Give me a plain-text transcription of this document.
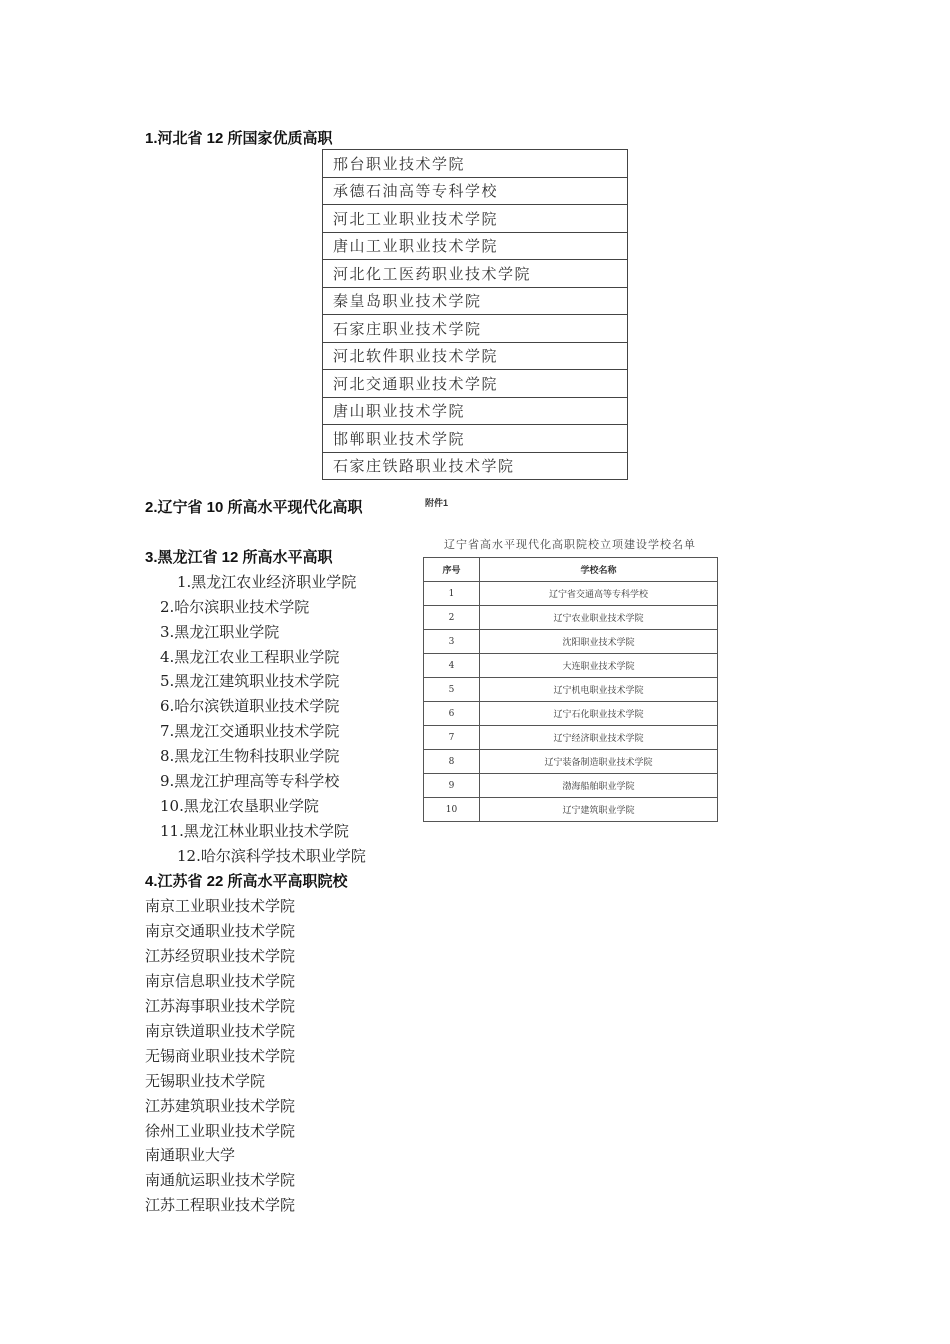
1.河北省 12 所国家优质高职
邢台职业技术学院
承德石油高等专科学校
河北工业职业技术学院
唐山工业职业技术学院
河北化工医药职业技术学院
秦皇岛职业技术学院
石家庄职业技术学院
河北软件职业技术学院
河北交通职业技术学院
唐山职业技术学院
邯郸职业技术学院
石家庄铁路职业技术学院
2.辽宁省 10 所高水平现代化高职	附件1
辽宁省高水平现代化高职院校立项建设学校名单
序号	学校名称
1	辽宁省交通高等专科学校
2	辽宁农业职业技术学院
3	沈阳职业技术学院
4	大连职业技术学院
5	辽宁机电职业技术学院
6	辽宁石化职业技术学院
7	辽宁经济职业技术学院
8	辽宁装备制造职业技术学院
9	渤海船舶职业学院
10	辽宁建筑职业学院
3.黑龙江省 12 所高水平高职
1.黑龙江农业经济职业学院
2.哈尔滨职业技术学院
3.黑龙江职业学院
4.黑龙江农业工程职业学院
5.黑龙江建筑职业技术学院
6.哈尔滨铁道职业技术学院
7.黑龙江交通职业技术学院
8.黑龙江生物科技职业学院
9.黑龙江护理高等专科学校
10.黑龙江农垦职业学院
11.黑龙江林业职业技术学院
12.哈尔滨科学技术职业学院
4.江苏省 22 所高水平高职院校
南京工业职业技术学院
南京交通职业技术学院
江苏经贸职业技术学院
南京信息职业技术学院
江苏海事职业技术学院
南京铁道职业技术学院
无锡商业职业技术学院
无锡职业技术学院
江苏建筑职业技术学院
徐州工业职业技术学院
南通职业大学
南通航运职业技术学院
江苏工程职业技术学院
